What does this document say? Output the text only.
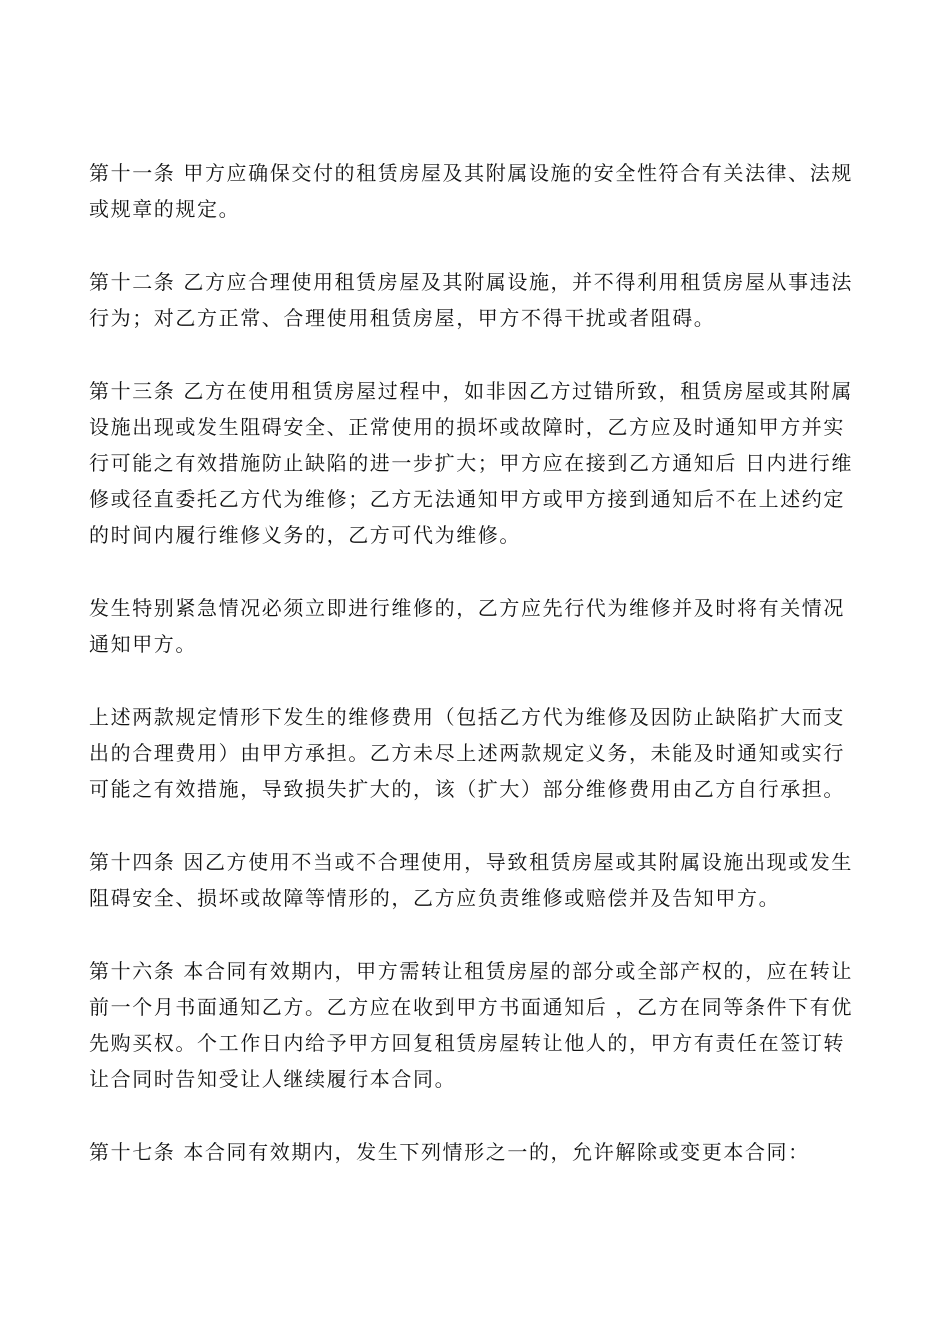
第十一条 甲方应确保交付的租赁房屋及其附属设施的安全性符合有关法律、法规或规章的规定。

第十二条 乙方应合理使用租赁房屋及其附属设施，并不得利用租赁房屋从事违法行为；对乙方正常、合理使用租赁房屋，甲方不得干扰或者阻碍。

第十三条 乙方在使用租赁房屋过程中，如非因乙方过错所致，租赁房屋或其附属设施出现或发生阻碍安全、正常使用的损坏或故障时，乙方应及时通知甲方并实行可能之有效措施防止缺陷的进一步扩大；甲方应在接到乙方通知后 日内进行维修或径直委托乙方代为维修；乙方无法通知甲方或甲方接到通知后不在上述约定的时间内履行维修义务的，乙方可代为维修。

发生特别紧急情况必须立即进行维修的，乙方应先行代为维修并及时将有关情况通知甲方。

上述两款规定情形下发生的维修费用（包括乙方代为维修及因防止缺陷扩大而支出的合理费用）由甲方承担。乙方未尽上述两款规定义务，未能及时通知或实行可能之有效措施，导致损失扩大的，该（扩大）部分维修费用由乙方自行承担。

第十四条 因乙方使用不当或不合理使用，导致租赁房屋或其附属设施出现或发生阻碍安全、损坏或故障等情形的，乙方应负责维修或赔偿并及告知甲方。

第十六条 本合同有效期内，甲方需转让租赁房屋的部分或全部产权的，应在转让前一个月书面通知乙方。乙方应在收到甲方书面通知后 ，乙方在同等条件下有优先购买权。个工作日内给予甲方回复租赁房屋转让他人的，甲方有责任在签订转让合同时告知受让人继续履行本合同。

第十七条 本合同有效期内，发生下列情形之一的，允许解除或变更本合同：
